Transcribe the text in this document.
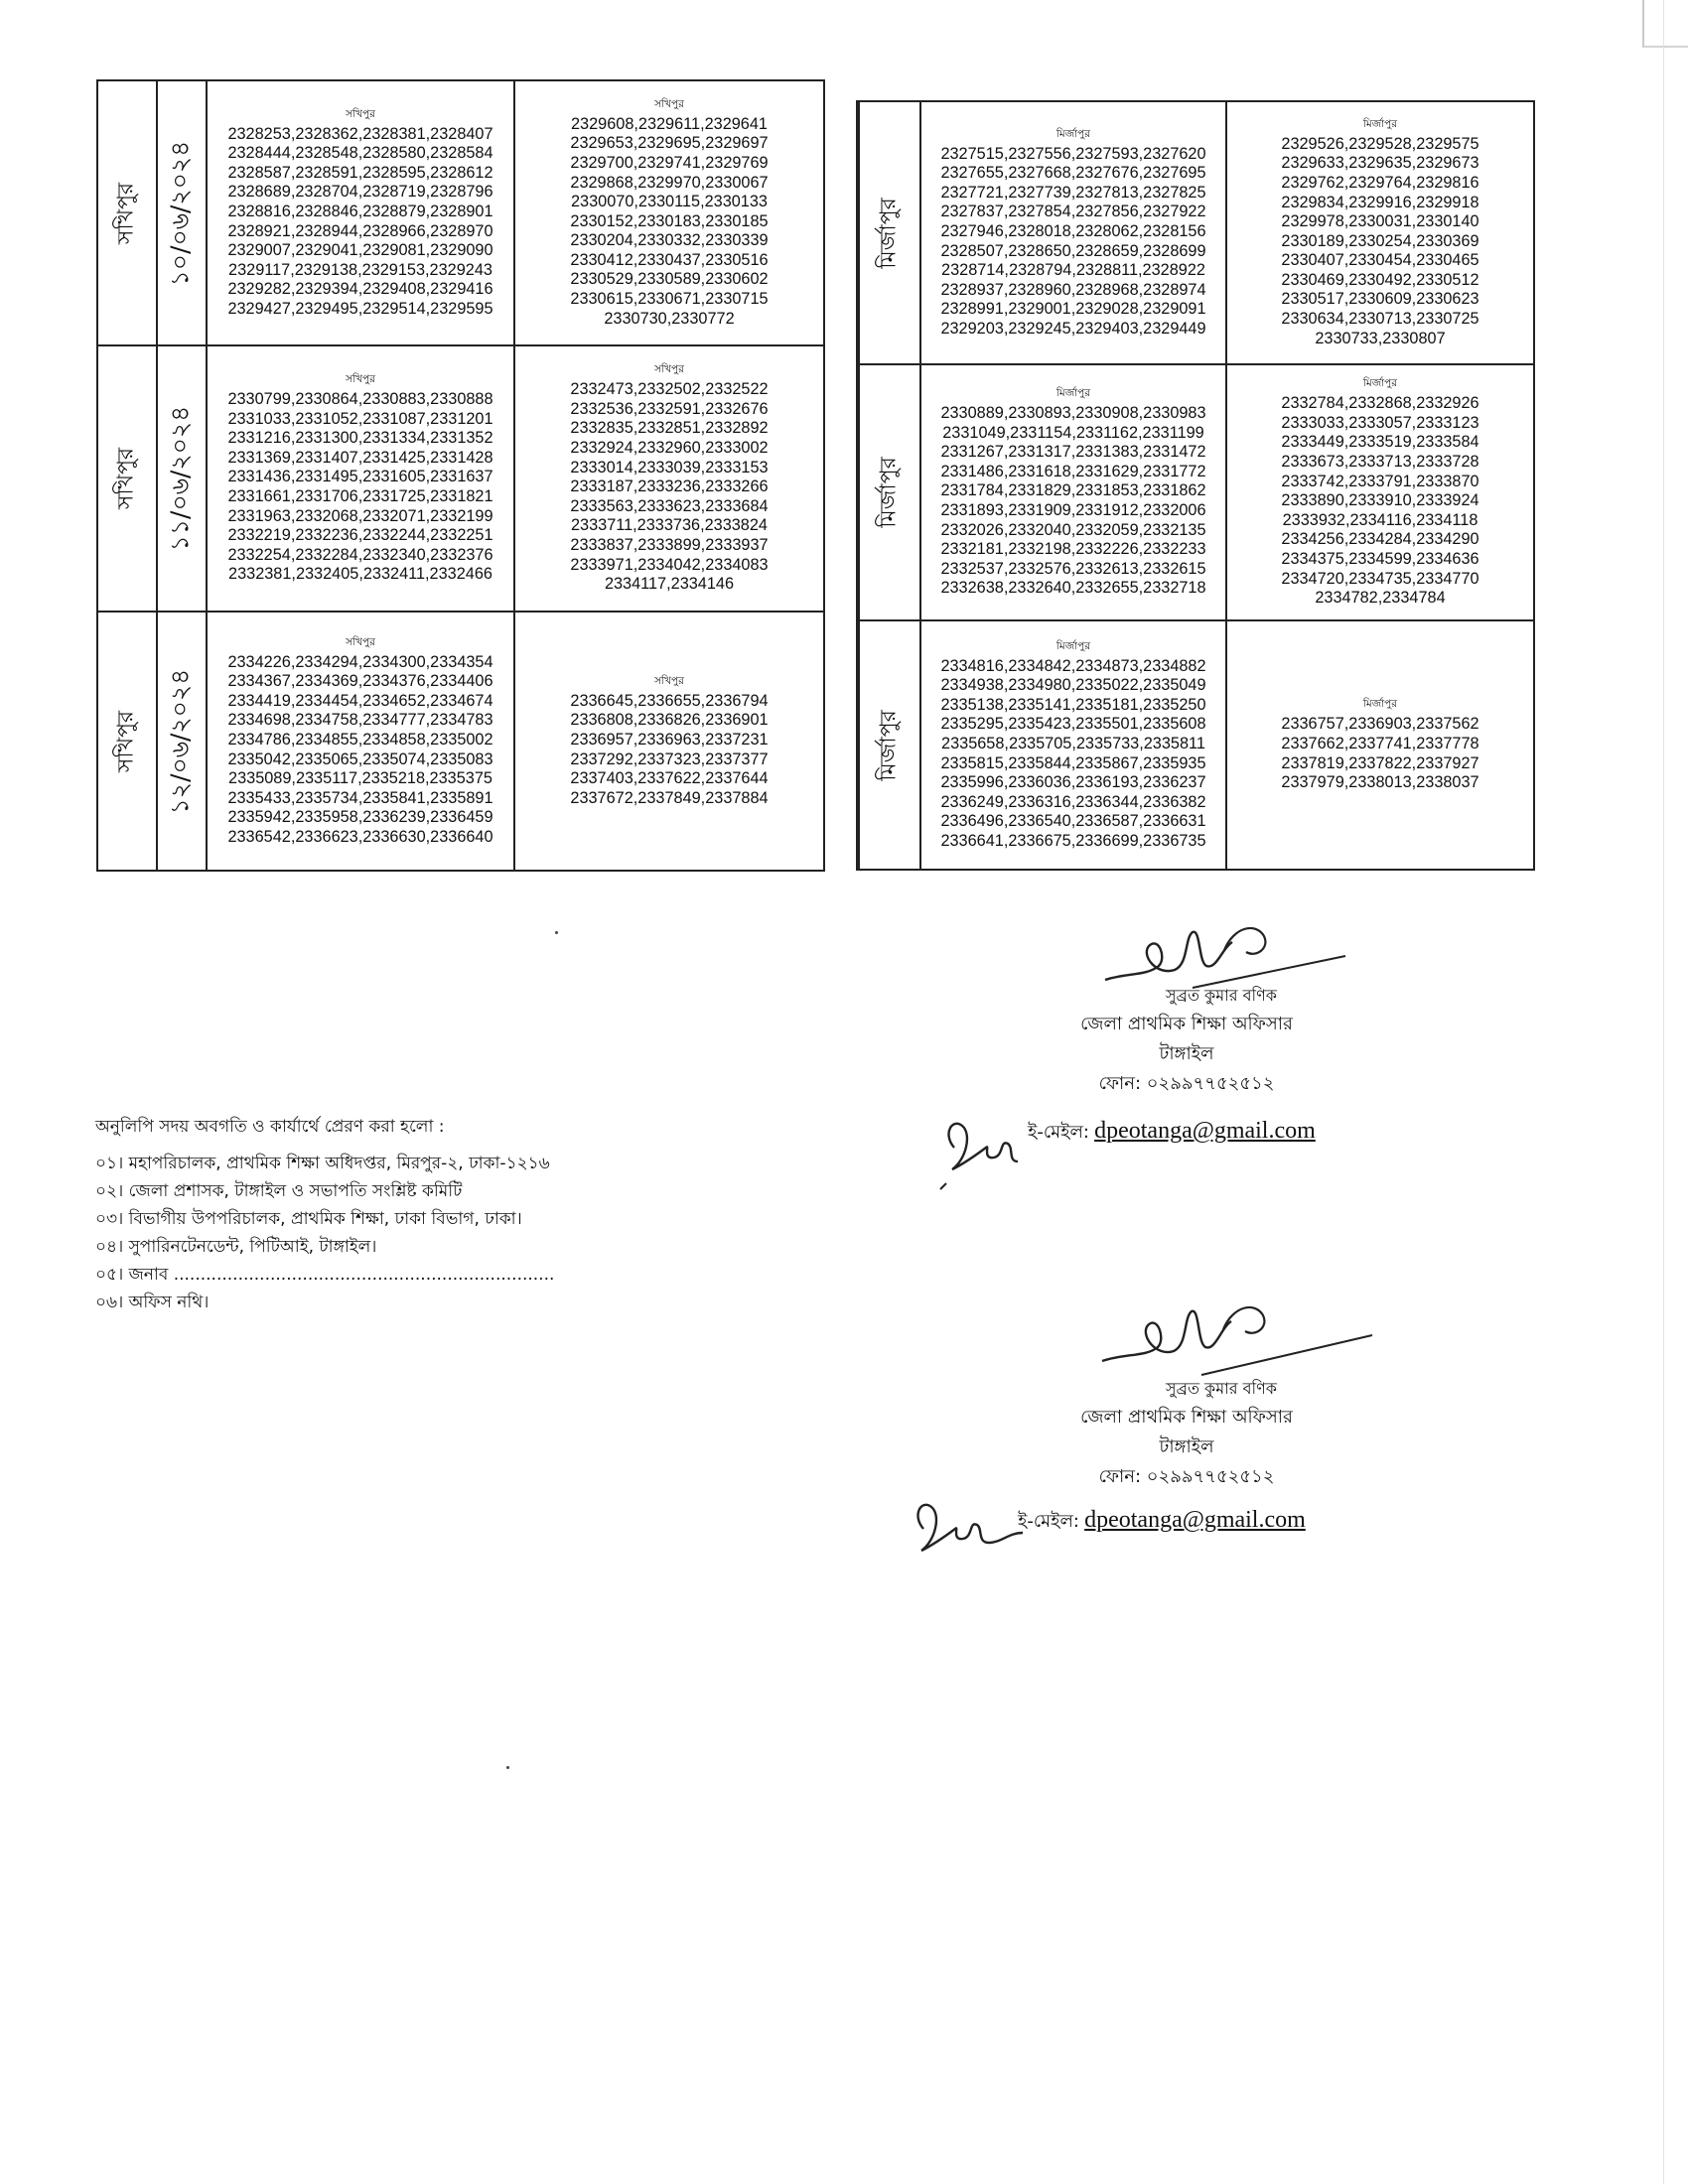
সখিপুর ১০/০৬/২০২৪
সখিপুর
2328253,2328362,2328381,2328407
2328444,2328548,2328580,2328584
2328587,2328591,2328595,2328612
2328689,2328704,2328719,2328796
2328816,2328846,2328879,2328901
2328921,2328944,2328966,2328970
2329007,2329041,2329081,2329090
2329117,2329138,2329153,2329243
2329282,2329394,2329408,2329416
2329427,2329495,2329514,2329595
সখিপুর
2329608,2329611,2329641
2329653,2329695,2329697
2329700,2329741,2329769
2329868,2329970,2330067
2330070,2330115,2330133
2330152,2330183,2330185
2330204,2330332,2330339
2330412,2330437,2330516
2330529,2330589,2330602
2330615,2330671,2330715
2330730,2330772
সখিপুর ১১/০৬/২০২৪
সখিপুর
2330799,2330864,2330883,2330888
2331033,2331052,2331087,2331201
2331216,2331300,2331334,2331352
2331369,2331407,2331425,2331428
2331436,2331495,2331605,2331637
2331661,2331706,2331725,2331821
2331963,2332068,2332071,2332199
2332219,2332236,2332244,2332251
2332254,2332284,2332340,2332376
2332381,2332405,2332411,2332466
সখিপুর
2332473,2332502,2332522
2332536,2332591,2332676
2332835,2332851,2332892
2332924,2332960,2333002
2333014,2333039,2333153
2333187,2333236,2333266
2333563,2333623,2333684
2333711,2333736,2333824
2333837,2333899,2333937
2333971,2334042,2334083
2334117,2334146
সখিপুর ১২/০৬/২০২৪
সখিপুর
2334226,2334294,2334300,2334354
2334367,2334369,2334376,2334406
2334419,2334454,2334652,2334674
2334698,2334758,2334777,2334783
2334786,2334855,2334858,2335002
2335042,2335065,2335074,2335083
2335089,2335117,2335218,2335375
2335433,2335734,2335841,2335891
2335942,2335958,2336239,2336459
2336542,2336623,2336630,2336640
সখিপুর
2336645,2336655,2336794
2336808,2336826,2336901
2336957,2336963,2337231
2337292,2337323,2337377
2337403,2337622,2337644
2337672,2337849,2337884
মির্জাপুর
মির্জাপুর
2327515,2327556,2327593,2327620
2327655,2327668,2327676,2327695
2327721,2327739,2327813,2327825
2327837,2327854,2327856,2327922
2327946,2328018,2328062,2328156
2328507,2328650,2328659,2328699
2328714,2328794,2328811,2328922
2328937,2328960,2328968,2328974
2328991,2329001,2329028,2329091
2329203,2329245,2329403,2329449
মির্জাপুর
2329526,2329528,2329575
2329633,2329635,2329673
2329762,2329764,2329816
2329834,2329916,2329918
2329978,2330031,2330140
2330189,2330254,2330369
2330407,2330454,2330465
2330469,2330492,2330512
2330517,2330609,2330623
2330634,2330713,2330725
2330733,2330807
মির্জাপুর
মির্জাপুর
2330889,2330893,2330908,2330983
2331049,2331154,2331162,2331199
2331267,2331317,2331383,2331472
2331486,2331618,2331629,2331772
2331784,2331829,2331853,2331862
2331893,2331909,2331912,2332006
2332026,2332040,2332059,2332135
2332181,2332198,2332226,2332233
2332537,2332576,2332613,2332615
2332638,2332640,2332655,2332718
মির্জাপুর
2332784,2332868,2332926
2333033,2333057,2333123
2333449,2333519,2333584
2333673,2333713,2333728
2333742,2333791,2333870
2333890,2333910,2333924
2333932,2334116,2334118
2334256,2334284,2334290
2334375,2334599,2334636
2334720,2334735,2334770
2334782,2334784
মির্জাপুর
মির্জাপুর
2334816,2334842,2334873,2334882
2334938,2334980,2335022,2335049
2335138,2335141,2335181,2335250
2335295,2335423,2335501,2335608
2335658,2335705,2335733,2335811
2335815,2335844,2335867,2335935
2335996,2336036,2336193,2336237
2336249,2336316,2336344,2336382
2336496,2336540,2336587,2336631
2336641,2336675,2336699,2336735
মির্জাপুর
2336757,2336903,2337562
2337662,2337741,2337778
2337819,2337822,2337927
2337979,2338013,2338037
সুব্রত কুমার বণিক
জেলা প্রাথমিক শিক্ষা অফিসার
টাঙ্গাইল
ফোন: ০২৯৯৭৭৫২৫১২
ই-মেইল: dpeotanga@gmail.com
অনুলিপি সদয় অবগতি ও কার্যার্থে প্রেরণ করা হলো :
০১। মহাপরিচালক, প্রাথমিক শিক্ষা অধিদপ্তর, মিরপুর-২, ঢাকা-১২১৬
০২। জেলা প্রশাসক, টাঙ্গাইল ও সভাপতি সংশ্লিষ্ট কমিটি
০৩। বিভাগীয় উপপরিচালক, প্রাথমিক শিক্ষা, ঢাকা বিভাগ, ঢাকা।
০৪। সুপারিনটেনডেন্ট, পিটিআই, টাঙ্গাইল।
০৫। জনাব .......................................................................
০৬। অফিস নথি।
সুব্রত কুমার বণিক
জেলা প্রাথমিক শিক্ষা অফিসার
টাঙ্গাইল
ফোন: ০২৯৯৭৭৫২৫১২
ই-মেইল: dpeotanga@gmail.com
